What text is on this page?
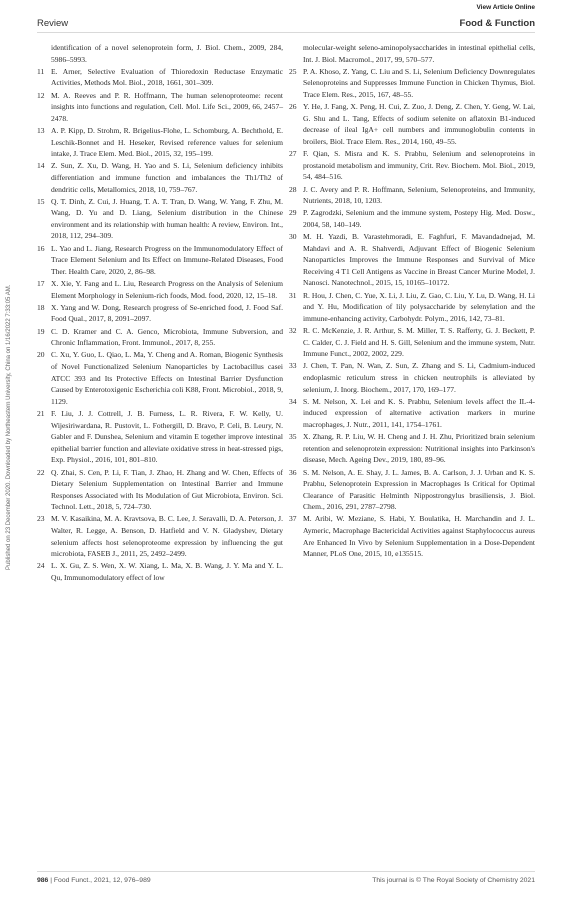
View Article Online
Review	Food & Function
Published on 23 December 2020. Downloaded by Northeastern University, China on 1/16/2022 7:33:05 AM.
identification of a novel selenoprotein form, J. Biol. Chem., 2009, 284, 5986–5993.
11 E. Arner, Selective Evaluation of Thioredoxin Reductase Enzymatic Activities, Methods Mol. Biol., 2018, 1661, 301–309.
12 M. A. Reeves and P. R. Hoffmann, The human selenoproteome: recent insights into functions and regulation, Cell. Mol. Life Sci., 2009, 66, 2457–2478.
13 A. P. Kipp, D. Strohm, R. Brigelius-Flohe, L. Schomburg, A. Bechthold, E. Leschik-Bonnet and H. Heseker, Revised reference values for selenium intake, J. Trace Elem. Med. Biol., 2015, 32, 195–199.
14 Z. Sun, Z. Xu, D. Wang, H. Yao and S. Li, Selenium deficiency inhibits differentiation and immune function and imbalances the Th1/Th2 of dendritic cells, Metallomics, 2018, 10, 759–767.
15 Q. T. Dinh, Z. Cui, J. Huang, T. A. T. Tran, D. Wang, W. Yang, F. Zhu, M. Wang, D. Yu and D. Liang, Selenium distribution in the Chinese environment and its relationship with human health: A review, Environ. Int., 2018, 112, 294–309.
16 L. Yao and L. Jiang, Research Progress on the Immunomodulatory Effect of Trace Element Selenium and Its Effect on Immune-Related Diseases, Food Ther. Health Care, 2020, 2, 86–98.
17 X. Xie, Y. Fang and L. Liu, Research Progress on the Analysis of Selenium Element Morphology in Selenium-rich foods, Mod. food, 2020, 12, 15–18.
18 X. Yang and W. Dong, Research progress of Se-enriched food, J. Food Saf. Food Qual., 2017, 8, 2091–2097.
19 C. D. Kramer and C. A. Genco, Microbiota, Immune Subversion, and Chronic Inflammation, Front. Immunol., 2017, 8, 255.
20 C. Xu, Y. Guo, L. Qiao, L. Ma, Y. Cheng and A. Roman, Biogenic Synthesis of Novel Functionalized Selenium Nanoparticles by Lactobacillus casei ATCC 393 and Its Protective Effects on Intestinal Barrier Dysfunction Caused by Enterotoxigenic Escherichia coli K88, Front. Microbiol., 2018, 9, 1129.
21 F. Liu, J. J. Cottrell, J. B. Furness, L. R. Rivera, F. W. Kelly, U. Wijesiriwardana, R. Pustovit, L. Fothergill, D. Bravo, P. Celi, B. Leury, N. Gabler and F. Dunshea, Selenium and vitamin E together improve intestinal epithelial barrier function and alleviate oxidative stress in heat-stressed pigs, Exp. Physiol., 2016, 101, 801–810.
22 Q. Zhai, S. Cen, P. Li, F. Tian, J. Zhao, H. Zhang and W. Chen, Effects of Dietary Selenium Supplementation on Intestinal Barrier and Immune Responses Associated with Its Modulation of Gut Microbiota, Environ. Sci. Technol. Lett., 2018, 5, 724–730.
23 M. V. Kasaikina, M. A. Kravtsova, B. C. Lee, J. Seravalli, D. A. Peterson, J. Walter, R. Legge, A. Benson, D. Hatfield and V. N. Gladyshev, Dietary selenium affects host selenoproteome expression by influencing the gut microbiota, FASEB J., 2011, 25, 2492–2499.
24 L. X. Gu, Z. S. Wen, X. W. Xiang, L. Ma, X. B. Wang, J. Y. Ma and Y. L. Qu, Immunomodulatory effect of low
molecular-weight seleno-aminopolysaccharides in intestinal epithelial cells, Int. J. Biol. Macromol., 2017, 99, 570–577.
25 P. A. Khoso, Z. Yang, C. Liu and S. Li, Selenium Deficiency Downregulates Selenoproteins and Suppresses Immune Function in Chicken Thymus, Biol. Trace Elem. Res., 2015, 167, 48–55.
26 Y. He, J. Fang, X. Peng, H. Cui, Z. Zuo, J. Deng, Z. Chen, Y. Geng, W. Lai, G. Shu and L. Tang, Effects of sodium selenite on aflatoxin B1-induced decrease of ileal IgA+ cell numbers and immunoglobulin contents in broilers, Biol. Trace Elem. Res., 2014, 160, 49–55.
27 F. Qian, S. Misra and K. S. Prabhu, Selenium and selenoproteins in prostanoid metabolism and immunity, Crit. Rev. Biochem. Mol. Biol., 2019, 54, 484–516.
28 J. C. Avery and P. R. Hoffmann, Selenium, Selenoproteins, and Immunity, Nutrients, 2018, 10, 1203.
29 P. Zagrodzki, Selenium and the immune system, Postepy Hig. Med. Dosw., 2004, 58, 140–149.
30 M. H. Yazdi, B. Varastehmoradi, E. Faghfuri, F. Mavandadnejad, M. Mahdavi and A. R. Shahverdi, Adjuvant Effect of Biogenic Selenium Nanoparticles Improves the Immune Responses and Survival of Mice Receiving 4 T1 Cell Antigens as Vaccine in Breast Cancer Murine Model, J. Nanosci. Nanotechnol., 2015, 15, 10165–10172.
31 R. Hou, J. Chen, C. Yue, X. Li, J. Liu, Z. Gao, C. Liu, Y. Lu, D. Wang, H. Li and Y. Hu, Modification of lily polysaccharide by selenylation and the immune-enhancing activity, Carbohydr. Polym., 2016, 142, 73–81.
32 R. C. McKenzie, J. R. Arthur, S. M. Miller, T. S. Rafferty, G. J. Beckett, P. C. Calder, C. J. Field and H. S. Gill, Selenium and the immune system, Nutr. Immune Funct., 2002, 2002, 229.
33 J. Chen, T. Pan, N. Wan, Z. Sun, Z. Zhang and S. Li, Cadmium-induced endoplasmic reticulum stress in chicken neutrophils is alleviated by selenium, J. Inorg. Biochem., 2017, 170, 169–177.
34 S. M. Nelson, X. Lei and K. S. Prabhu, Selenium levels affect the IL-4-induced expression of alternative activation markers in murine macrophages, J. Nutr., 2011, 141, 1754–1761.
35 X. Zhang, R. P. Liu, W. H. Cheng and J. H. Zhu, Prioritized brain selenium retention and selenoprotein expression: Nutritional insights into Parkinson's disease, Mech. Ageing Dev., 2019, 180, 89–96.
36 S. M. Nelson, A. E. Shay, J. L. James, B. A. Carlson, J. J. Urban and K. S. Prabhu, Selenoprotein Expression in Macrophages Is Critical for Optimal Clearance of Parasitic Helminth Nippostrongylus brasiliensis, J. Biol. Chem., 2016, 291, 2787–2798.
37 M. Aribi, W. Meziane, S. Habi, Y. Boulatika, H. Marchandin and J. L. Aymeric, Macrophage Bactericidal Activities against Staphylococcus aureus Are Enhanced In Vivo by Selenium Supplementation in a Dose-Dependent Manner, PLoS One, 2015, 10, e135515.
986 | Food Funct., 2021, 12, 976–989	This journal is © The Royal Society of Chemistry 2021
